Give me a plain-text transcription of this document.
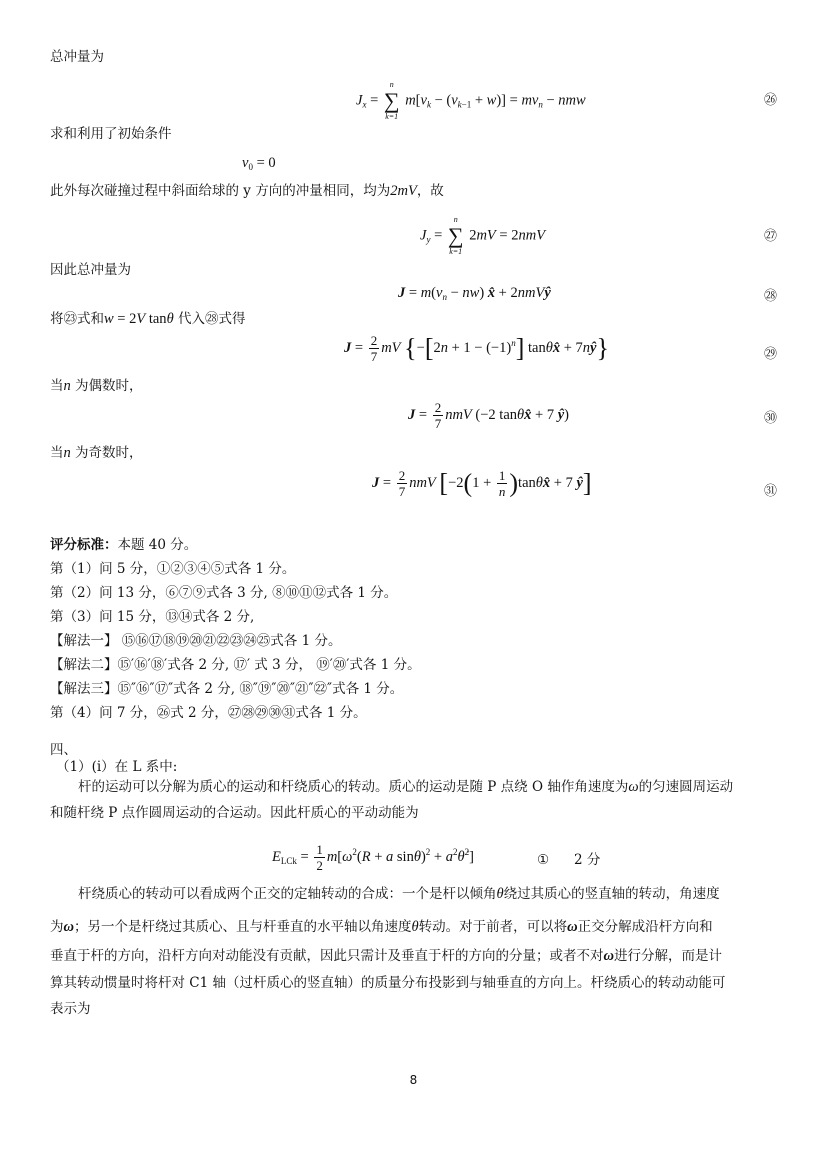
总冲量为
$J_x$ =
n
∑
k=1
$m[v_k - (v_{k-1} + w)] = mv_n$ − nmw	㉖
求和利用了初始条件
$v_0 = 0$
此外每次碰撞过程中斜面给球的 y 方向的冲量相同，均为2mV，故
$J_y$ =
n
∑
k=1
2mV = 2nmV	㉗
因此总冲量为
$J = m(v_n - nw)$ x̂ + 2nmVŷ	㉘
将㉓式和w = 2V tanθ 代入㉘式得
$J = \frac{2}{7}$ mV {$-[2n + 1 - (-1)^n]$ tanθx̂ + 7nŷ}	㉙
当n 为偶数时，
$J = \frac{2}{7}$ nmV (−2 tanθx̂ + 7 ŷ)	㉚
当n 为奇数时，
$J = \frac{2}{7}$ nmV [$-2(1 + \frac{1}{n}$ )tanθx̂ + 7 ŷ]	㉛
评分标准：本题 40 分。
第（1）问 5 分，①②③④⑤式各 1 分。
第（2）问 13 分，⑥⑦⑨式各 3 分, ⑧⑩⑪⑫式各 1 分。
第（3）问 15 分，⑬⑭式各 2 分,
【解法一】 ⑮⑯⑰⑱⑲⑳㉑㉒㉓㉔㉕式各 1 分。
【解法二】⑮′⑯′⑱′式各 2 分, ⑰′ 式 3 分， ⑲′⑳′式各 1 分。
【解法三】⑮″⑯″⑰″式各 2 分, ⑱″⑲″⑳″㉑″㉒″式各 1 分。
第（4）问 7 分，㉖式 2 分，㉗㉘㉙㉚㉛式各 1 分。
四、
（1）(i）在 L 系中:
杆的运动可以分解为质心的运动和杆绕质心的转动。质心的运动是随 P 点绕 O 轴作角速度为ω的匀速圆周运动
和随杆绕 P 点作圆周运动的合运动。因此杆质心的平动动能为
$E_{LCk} = \frac{1}{2} m[\omega^2(R + a$ $\sin\theta)^2 + a^2\thetȧ^2$]	① 2 分
杆绕质心的转动可以看成两个正交的定轴转动的合成：一个是杆以倾角θ绕过其质心的竖直轴的转动，角速度
为ω；另一个是杆绕过其质心、且与杆垂直的水平轴以角速度θ̇转动。对于前者，可以将ω正交分解成沿杆方向和
垂直于杆的方向，沿杆方向对动能没有贡献，因此只需计及垂直于杆的方向的分量；或者不对ω进行分解，而是计
算其转动惯量时将杆对 C1 轴（过杆质心的竖直轴）的质量分布投影到与轴垂直的方向上。杆绕质心的转动动能可
表示为
8
